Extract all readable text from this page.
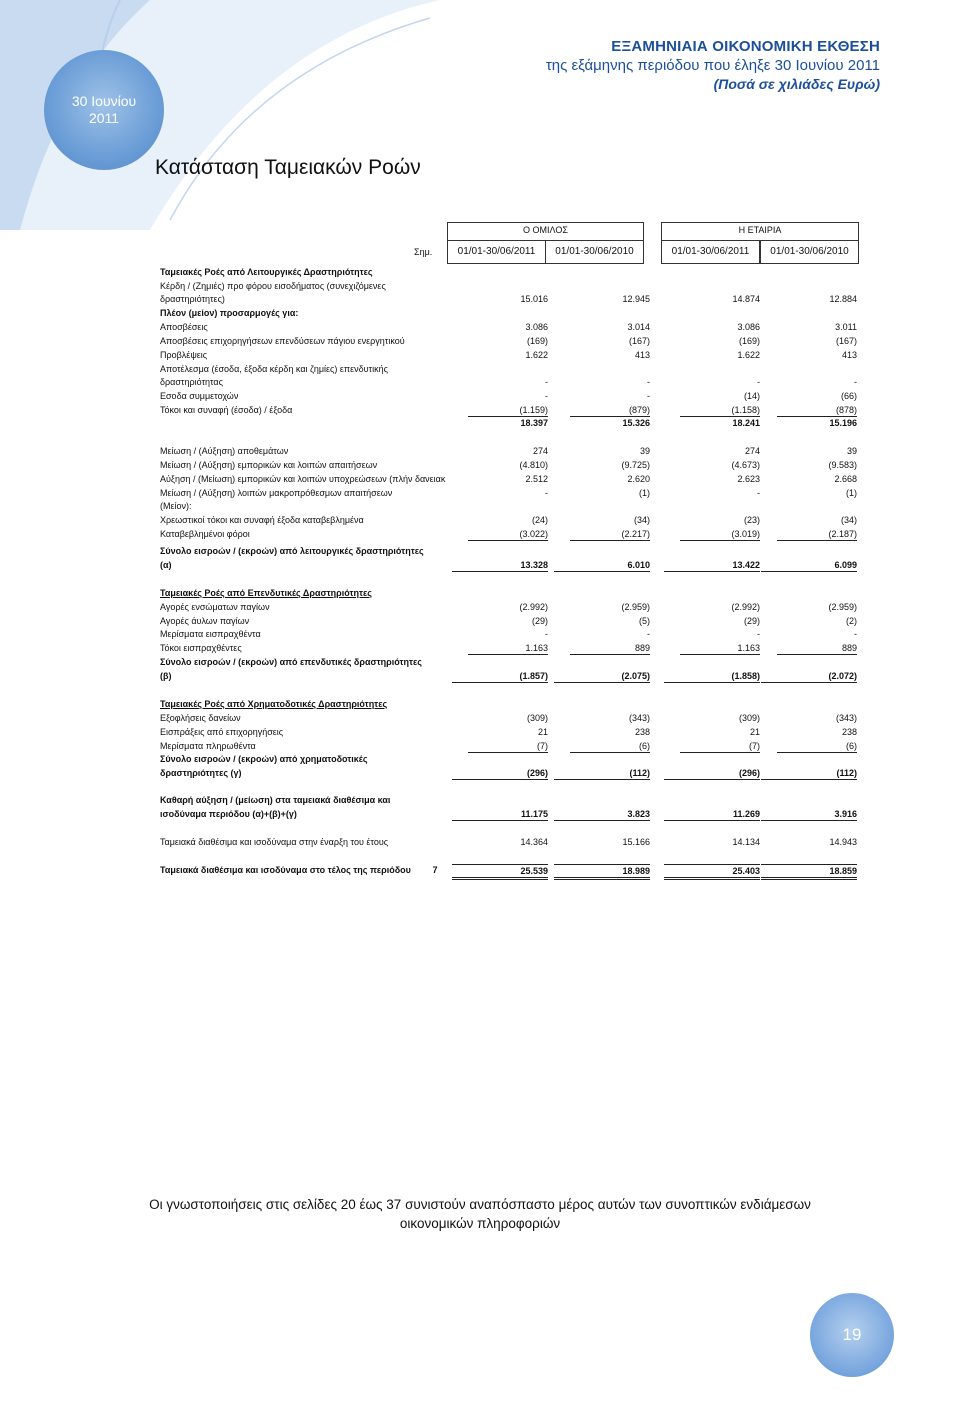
30 Ιουνίου
2011
ΕΞΑΜΗΝΙΑΙΑ ΟΙΚΟΝΟΜΙΚΗ ΕΚΘΕΣΗ
της εξάμηνης περιόδου που έληξε 30 Ιουνίου 2011
(Ποσά σε χιλιάδες Ευρώ)
Κατάσταση Ταμειακών Ροών
Ο ΟΜΙΛΟΣ	Η ΕΤΑΙΡΙΑ
Σημ.	01/01-30/06/2011	01/01-30/06/2010	01/01-30/06/2011	01/01-30/06/2010
Ταμειακές Ροές από Λειτουργικές Δραστηριότητες
Κέρδη / (Ζημιές) προ φόρου εισοδήματος (συνεχιζόμενες
δραστηριότητες)	15.016	12.945	14.874	12.884
Πλέον (μείον) προσαρμογές για:
Αποσβέσεις	3.086	3.014	3.086	3.011
Αποσβέσεις επιχορηγήσεων επενδύσεων πάγιου ενεργητικού	(169)	(167)	(169)	(167)
Προβλέψεις	1.622	413	1.622	413
Αποτέλεσμα (έσοδα, έξοδα κέρδη και ζημίες) επενδυτικής
δραστηριότητας	-	-	-	-
Εσοδα συμμετοχών	-	-	(14)	(66)
Τόκοι και συναφή (έσοδα) / έξοδα	(1.159)	(879)	(1.158)	(878)
18.397	15.326	18.241	15.196
Μείωση / (Αύξηση) αποθεμάτων	274	39	274	39
Μείωση / (Αύξηση) εμπορικών και λοιπών απαιτήσεων	(4.810)	(9.725)	(4.673)	(9.583)
Αύξηση / (Μείωση) εμπορικών και λοιπών υποχρεώσεων (πλήν δανειακ	2.512	2.620	2.623	2.668
Μείωση / (Αύξηση) λοιπών μακροπρόθεσμων απαιτήσεων	-	(1)	-	(1)
(Μείον):
Χρεωστικοί τόκοι και συναφή έξοδα καταβεβλημένα	(24)	(34)	(23)	(34)
Καταβεβλημένοι φόροι	(3.022)	(2.217)	(3.019)	(2.187)
Σύνολο εισροών / (εκροών) από λειτουργικές δραστηριότητες
(α)	13.328	6.010	13.422	6.099
Ταμειακές Ροές από Επενδυτικές Δραστηριότητες
Αγορές ενσώματων παγίων	(2.992)	(2.959)	(2.992)	(2.959)
Αγορές άυλων παγίων	(29)	(5)	(29)	(2)
Μερίσματα εισπραχθέντα	-	-	-	-
Τόκοι εισπραχθέντες	1.163	889	1.163	889
Σύνολο εισροών / (εκροών) από επενδυτικές δραστηριότητες
(β)	(1.857)	(2.075)	(1.858)	(2.072)
Ταμειακές Ροές από Χρηματοδοτικές Δραστηριότητες
Εξοφλήσεις δανείων	(309)	(343)	(309)	(343)
Εισπράξεις από επιχορηγήσεις	21	238	21	238
Μερίσματα πληρωθέντα	(7)	(6)	(7)	(6)
Σύνολο εισροών / (εκροών) από χρηματοδοτικές
δραστηριότητες (γ)	(296)	(112)	(296)	(112)
Καθαρή αύξηση / (μείωση) στα ταμειακά διαθέσιμα και
ισοδύναμα περιόδου (α)+(β)+(γ)	11.175	3.823	11.269	3.916
Ταμειακά διαθέσιμα και ισοδύναμα στην έναρξη του έτους	14.364	15.166	14.134	14.943
Ταμειακά διαθέσιμα και ισοδύναμα στο τέλος της περιόδου	7	25.539	18.989	25.403	18.859
Οι γνωστοποιήσεις στις σελίδες 20 έως 37 συνιστούν αναπόσπαστο μέρος αυτών των συνοπτικών ενδιάμεσων
οικονομικών πληροφοριών
19
